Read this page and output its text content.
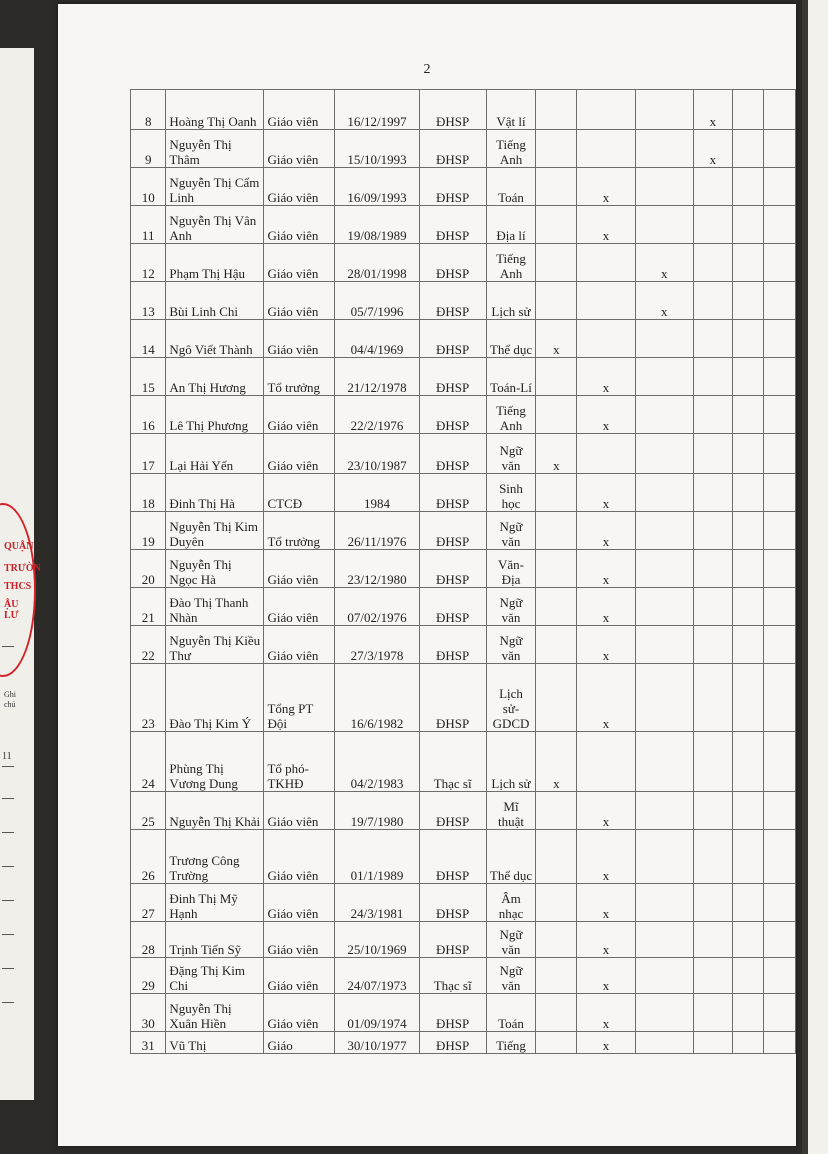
QUẬN
TRƯỜN
THCS
ẬU LƯ
Ghi
chú
11
2
8	Hoàng Thị Oanh	Giáo viên	16/12/1997	ĐHSP	Vật lí				x		
9	Nguyễn Thị Thâm	Giáo viên	15/10/1993	ĐHSP	Tiếng Anh				x		
10	Nguyễn Thị Cẩm Linh	Giáo viên	16/09/1993	ĐHSP	Toán		x				
11	Nguyễn Thị Vân Anh	Giáo viên	19/08/1989	ĐHSP	Địa lí		x				
12	Phạm Thị Hậu	Giáo viên	28/01/1998	ĐHSP	Tiếng Anh			x			
13	Bùi Linh Chi	Giáo viên	05/7/1996	ĐHSP	Lịch sử			x			
14	Ngô Viết Thành	Giáo viên	04/4/1969	ĐHSP	Thể dục	x					
15	An Thị Hương	Tổ trưởng	21/12/1978	ĐHSP	Toán-Lí		x				
16	Lê Thị Phương	Giáo viên	22/2/1976	ĐHSP	Tiếng Anh		x				
17	Lại Hải Yến	Giáo viên	23/10/1987	ĐHSP	Ngữ văn	x					
18	Đinh Thị Hà	CTCĐ	1984	ĐHSP	Sinh học		x				
19	Nguyễn Thị Kim Duyên	Tổ trưởng	26/11/1976	ĐHSP	Ngữ văn		x				
20	Nguyễn Thị Ngọc Hà	Giáo viên	23/12/1980	ĐHSP	Văn-Địa		x				
21	Đào Thị Thanh Nhàn	Giáo viên	07/02/1976	ĐHSP	Ngữ văn		x				
22	Nguyễn Thị Kiều Thư	Giáo viên	27/3/1978	ĐHSP	Ngữ văn		x				
23	Đào Thị Kim Ý	Tổng PT Đội	16/6/1982	ĐHSP	Lịch sử-GDCD		x				
24	Phùng Thị Vương Dung	Tổ phó-TKHĐ	04/2/1983	Thạc sĩ	Lịch sử	x					
25	Nguyễn Thị Khải	Giáo viên	19/7/1980	ĐHSP	Mĩ thuật		x				
26	Trương Công Trường	Giáo viên	01/1/1989	ĐHSP	Thể dục		x				
27	Đinh Thị Mỹ Hạnh	Giáo viên	24/3/1981	ĐHSP	Âm nhạc		x				
28	Trịnh Tiến Sỹ	Giáo viên	25/10/1969	ĐHSP	Ngữ văn		x				
29	Đặng Thị Kim Chi	Giáo viên	24/07/1973	Thạc sĩ	Ngữ văn		x				
30	Nguyễn Thị Xuân Hiền	Giáo viên	01/09/1974	ĐHSP	Toán		x				
31	Vũ Thị	Giáo	30/10/1977	ĐHSP	Tiếng		x				
